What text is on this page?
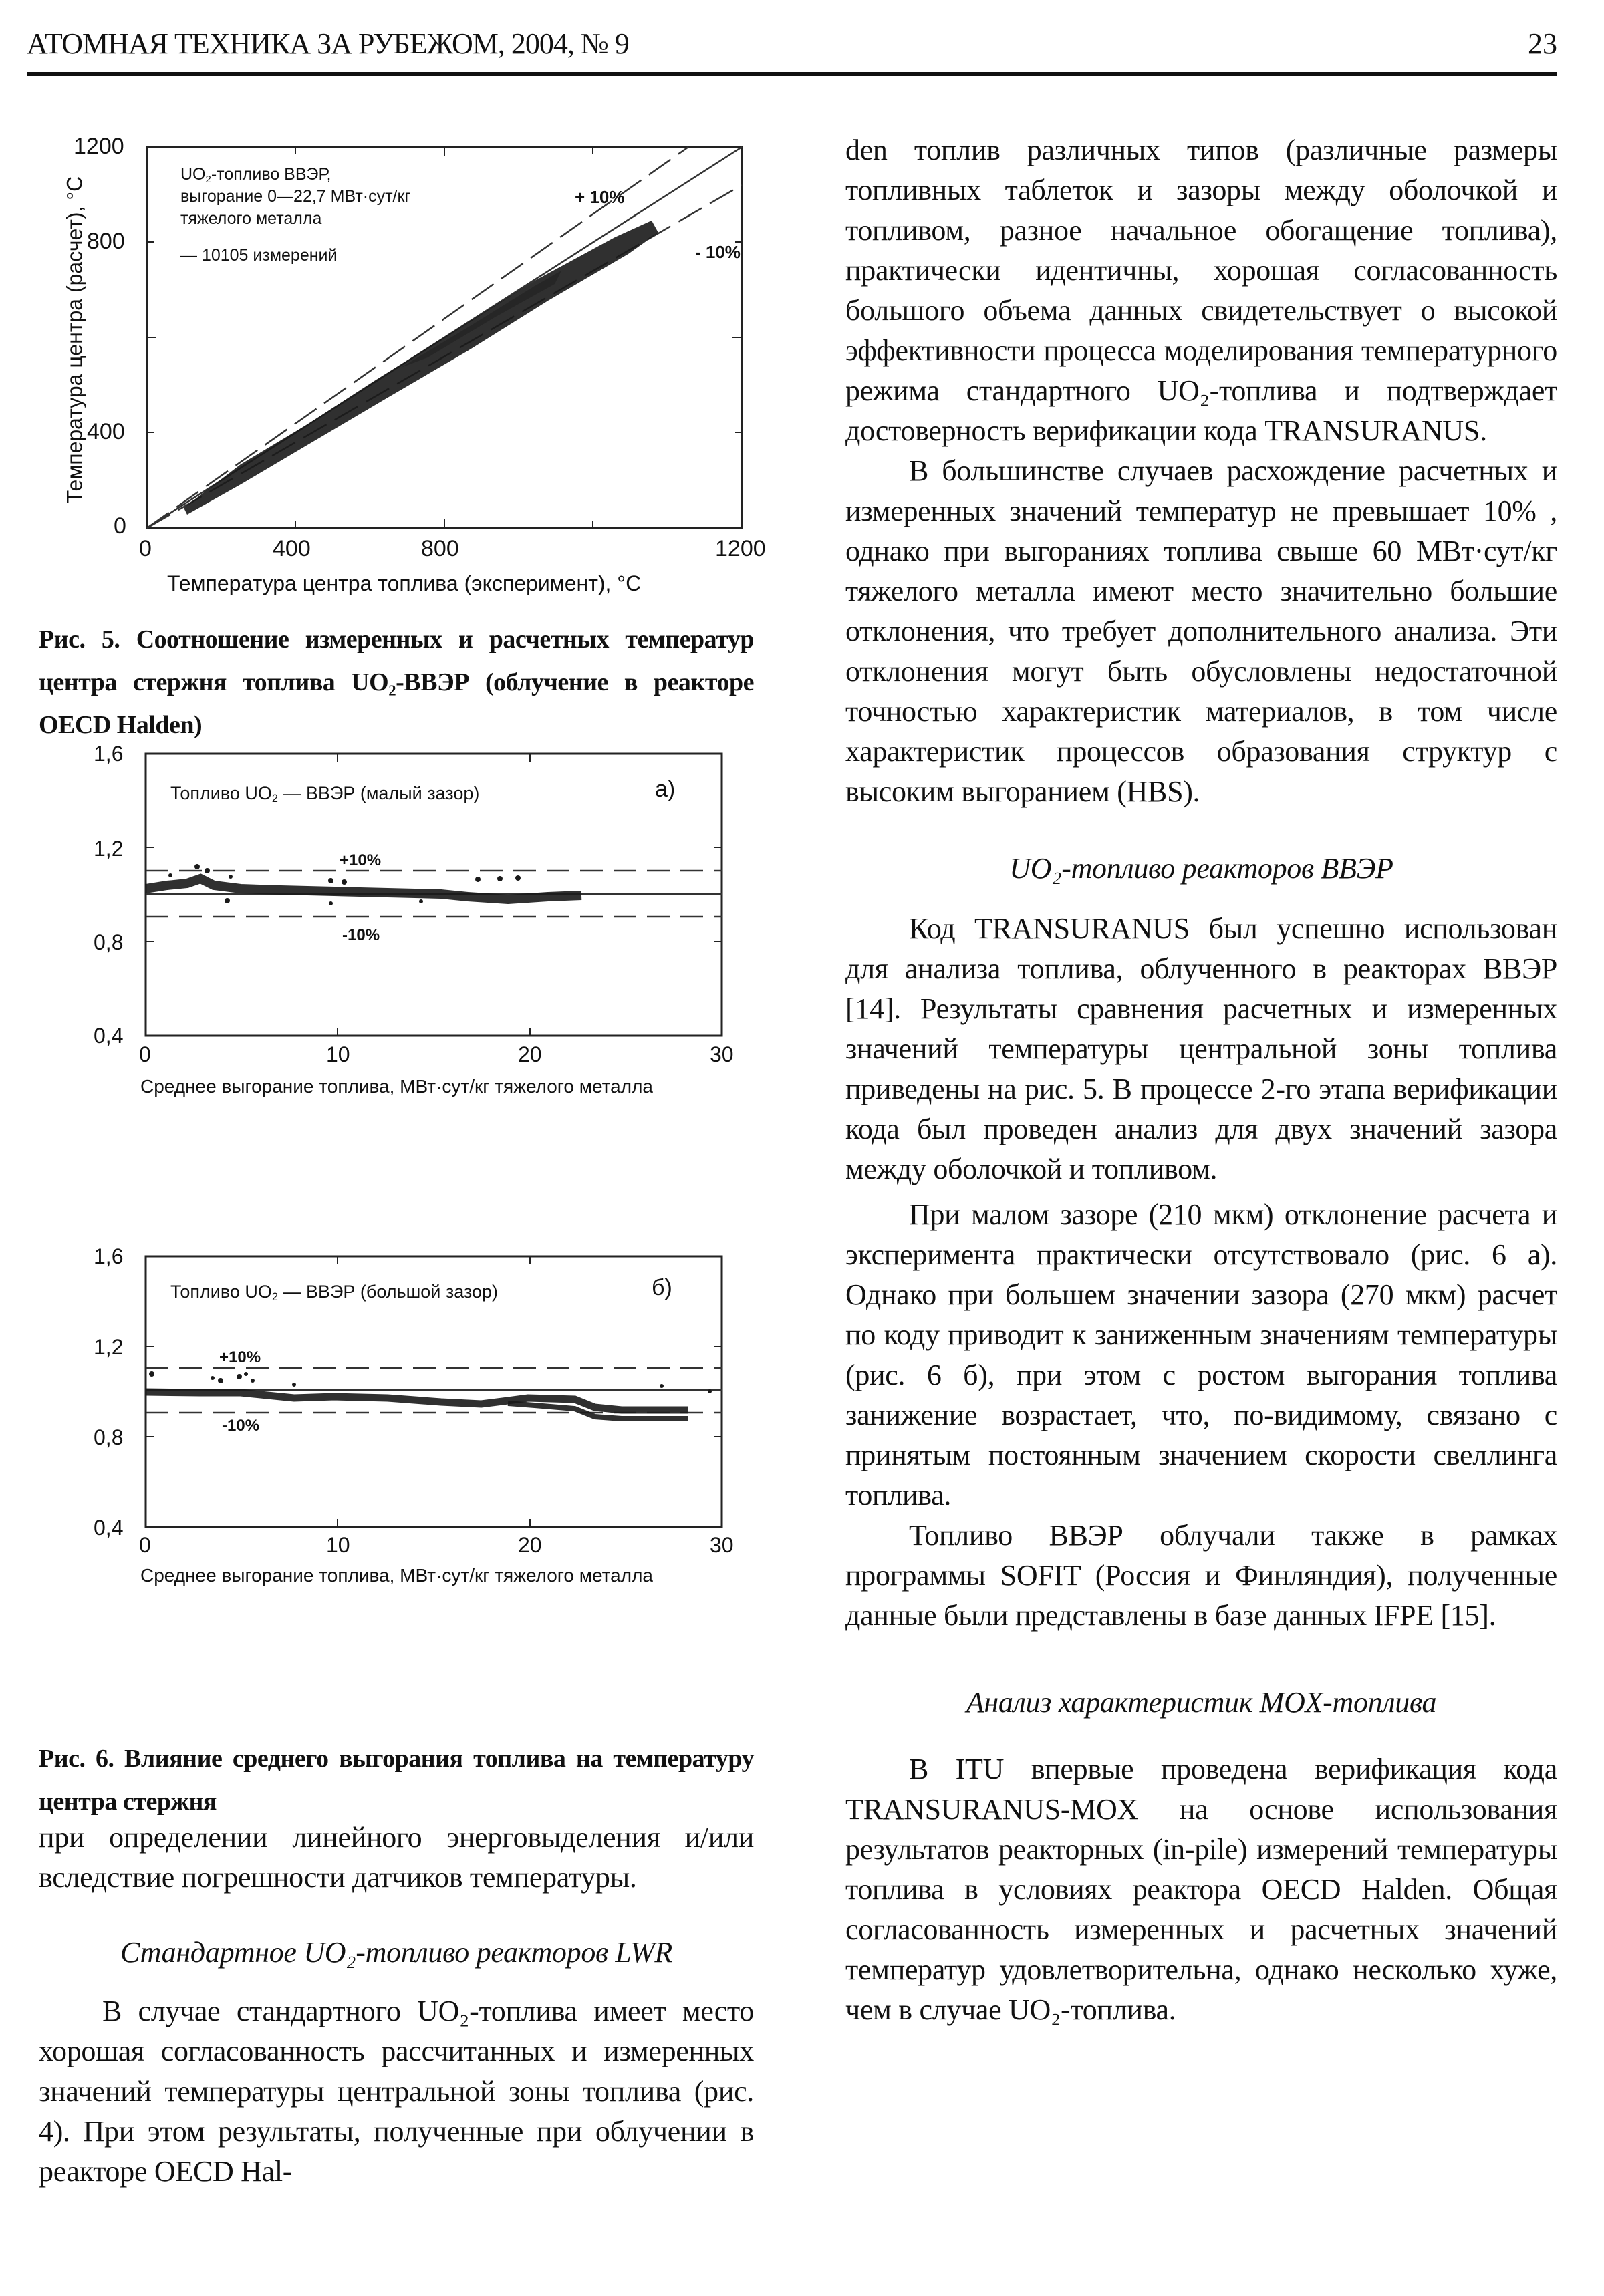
АТОМНАЯ ТЕХНИКА ЗА РУБЕЖОМ, 2004, № 9	23
1200
800
400
0
0	400	800	1200
Температура центра топлива (эксперимент), °C
Температура центра (расчет), °C
$UO_2$-топливо ВВЭР,
выгорание 0—22,7 МВт·сут/кг
тяжелого металла
— 10105 измерений
+ 10%
- 10%
Рис. 5. Соотношение измеренных и расчетных температур центра стержня топлива UO₂-ВВЭР (облучение в реакторе OECD Halden)
1,6
1,2
0,8
0,4
0	10	20	30
Среднее выгорание топлива, МВт·сут/кг тяжелого металла
Топливо $UO_2$ — ВВЭР (малый зазор)	а)
+10%
-10%
1,6
1,2
0,8
0,4
0	10	20	30
Среднее выгорание топлива, МВт·сут/кг тяжелого металла
Топливо $UO_2$ — ВВЭР (большой зазор)	б)
+10%
-10%
Рис. 6. Влияние среднего выгорания топлива на температуру центра стержня

при определении линейного энерговыделения и/или вследствие погрешности датчиков температуры.

Стандартное UO₂-топливо реакторов LWR

В случае стандартного UO₂-топлива имеет место хорошая согласованность рассчитанных и измеренных значений температуры центральной зоны топлива (рис. 4). При этом результаты, полученные при облучении в реакторе OECD Hal-

den топлив различных типов (различные размеры топливных таблеток и зазоры между оболочкой и топливом, разное начальное обогащение топлива), практически идентичны, хорошая согласованность большого объема данных свидетельствует о высокой эффективности процесса моделирования температурного режима стандартного UO₂-топлива и подтверждает достоверность верификации кода TRANSURANUS.

В большинстве случаев расхождение расчетных и измеренных значений температур не превышает 10% , однако при выгораниях топлива свыше 60 МВт·сут/кг тяжелого металла имеют место значительно большие отклонения, что требует дополнительного анализа. Эти отклонения могут быть обусловлены недостаточной точностью характеристик материалов, в том числе характеристик процессов образования структур с высоким выгоранием (HBS).

UO₂-топливо реакторов ВВЭР

Код TRANSURANUS был успешно использован для анализа топлива, облученного в реакторах ВВЭР [14]. Результаты сравнения расчетных и измеренных значений температуры центральной зоны топлива приведены на рис. 5. В процессе 2-го этапа верификации кода был проведен анализ для двух значений зазора между оболочкой и топливом.

При малом зазоре (210 мкм) отклонение расчета и эксперимента практически отсутствовало (рис. 6 а). Однако при большем значении зазора (270 мкм) расчет по коду приводит к заниженным значениям температуры (рис. 6 б), при этом с ростом выгорания топлива занижение возрастает, что, по-видимому, связано с принятым постоянным значением скорости свеллинга топлива.

Топливо ВВЭР облучали также в рамках программы SOFIT (Россия и Финляндия), полученные данные были представлены в базе данных IFPE [15].

Анализ характеристик MOX-топлива

В ITU впервые проведена верификация кода TRANSURANUS-MOX на основе использования результатов реакторных (in-pile) измерений температуры топлива в условиях реактора OECD Halden. Общая согласованность измеренных и расчетных значений температур удовлетворительна, однако несколько хуже, чем в случае UO₂-топлива.
